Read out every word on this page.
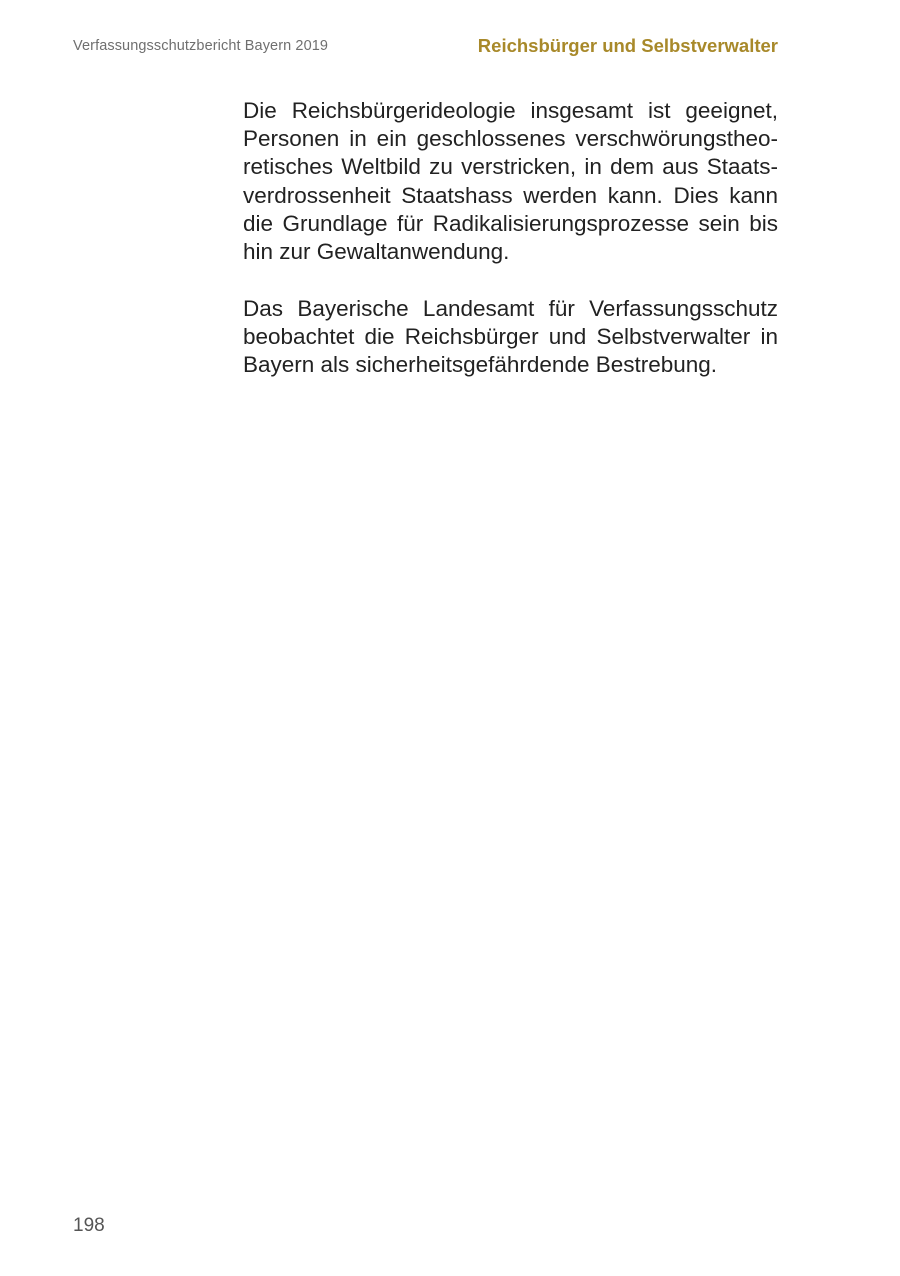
Verfassungsschutzbericht Bayern 2019	Reichsbürger und Selbstverwalter

Die Reichsbürgerideologie insgesamt ist geeignet,
Personen in ein geschlossenes verschwörungstheo-
retisches Weltbild zu verstricken, in dem aus Staats-
verdrossenheit Staatshass werden kann. Dies kann
die Grundlage für Radikalisierungsprozesse sein bis
hin zur Gewaltanwendung.

Das Bayerische Landesamt für Verfassungsschutz
beobachtet die Reichsbürger und Selbstverwalter in
Bayern als sicherheitsgefährdende Bestrebung.

198
